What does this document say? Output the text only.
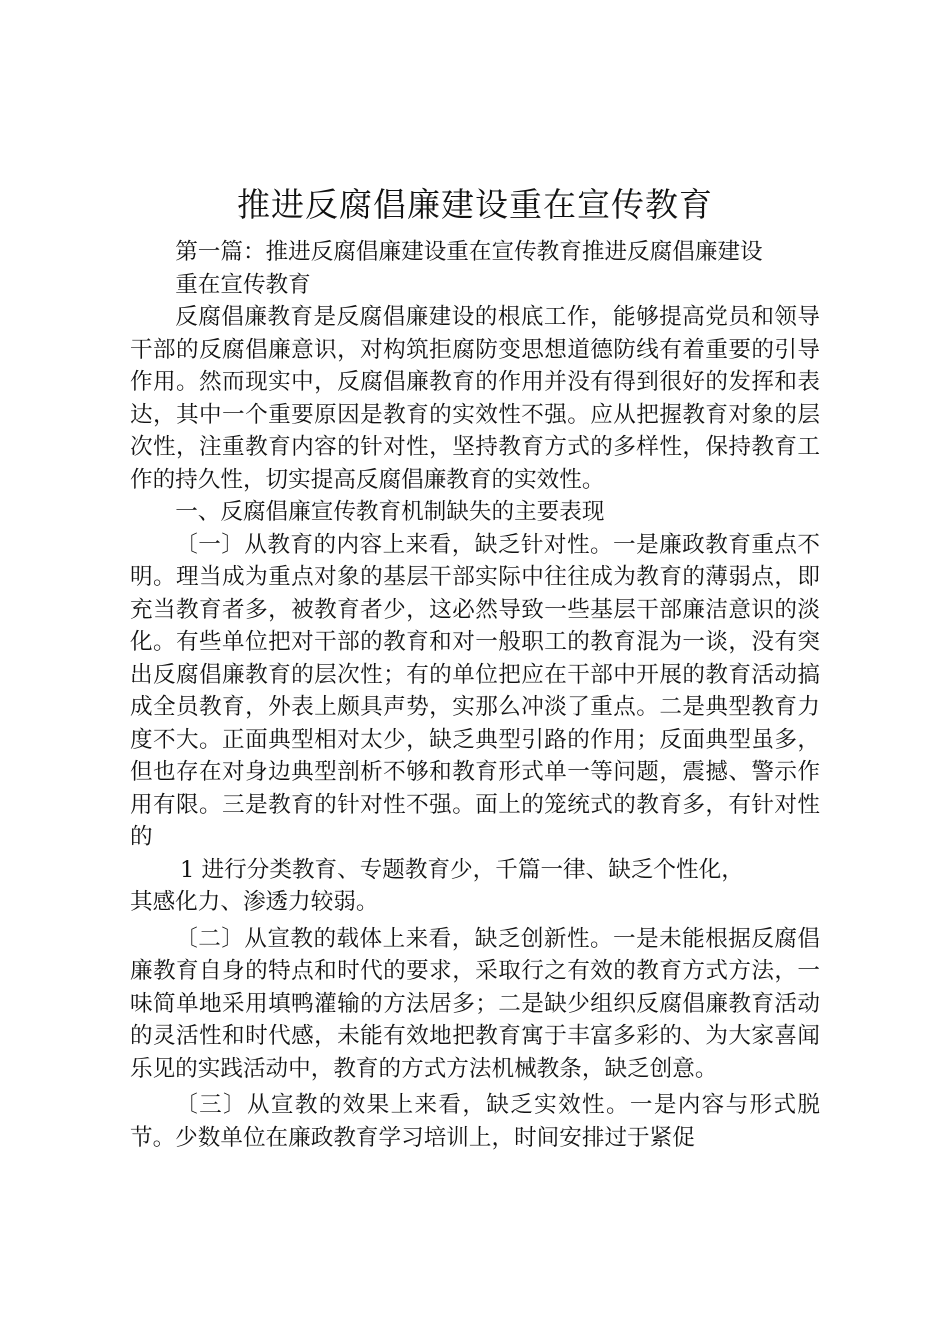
推进反腐倡廉建设重在宣传教育

第一篇：推进反腐倡廉建设重在宣传教育推进反腐倡廉建设

重在宣传教育

反腐倡廉教育是反腐倡廉建设的根底工作，能够提高党员和领导干部的反腐倡廉意识，对构筑拒腐防变思想道德防线有着重要的引导作用。然而现实中，反腐倡廉教育的作用并没有得到很好的发挥和表达，其中一个重要原因是教育的实效性不强。应从把握教育对象的层次性，注重教育内容的针对性，坚持教育方式的多样性，保持教育工作的持久性，切实提高反腐倡廉教育的实效性。

一、反腐倡廉宣传教育机制缺失的主要表现

〔一〕从教育的内容上来看，缺乏针对性。一是廉政教育重点不明。理当成为重点对象的基层干部实际中往往成为教育的薄弱点，即充当教育者多，被教育者少，这必然导致一些基层干部廉洁意识的淡化。有些单位把对干部的教育和对一般职工的教育混为一谈，没有突出反腐倡廉教育的层次性；有的单位把应在干部中开展的教育活动搞成全员教育，外表上颇具声势，实那么冲淡了重点。二是典型教育力度不大。正面典型相对太少，缺乏典型引路的作用；反面典型虽多，但也存在对身边典型剖析不够和教育形式单一等问题，震撼、警示作用有限。三是教育的针对性不强。面上的笼统式的教育多，有针对性的

1 进行分类教育、专题教育少，千篇一律、缺乏个性化，
其感化力、渗透力较弱。

〔二〕从宣教的载体上来看，缺乏创新性。一是未能根据反腐倡廉教育自身的特点和时代的要求，采取行之有效的教育方式方法，一味简单地采用填鸭灌输的方法居多；二是缺少组织反腐倡廉教育活动的灵活性和时代感，未能有效地把教育寓于丰富多彩的、为大家喜闻乐见的实践活动中，教育的方式方法机械教条，缺乏创意。

〔三〕从宣教的效果上来看，缺乏实效性。一是内容与形式脱节。少数单位在廉政教育学习培训上，时间安排过于紧促
